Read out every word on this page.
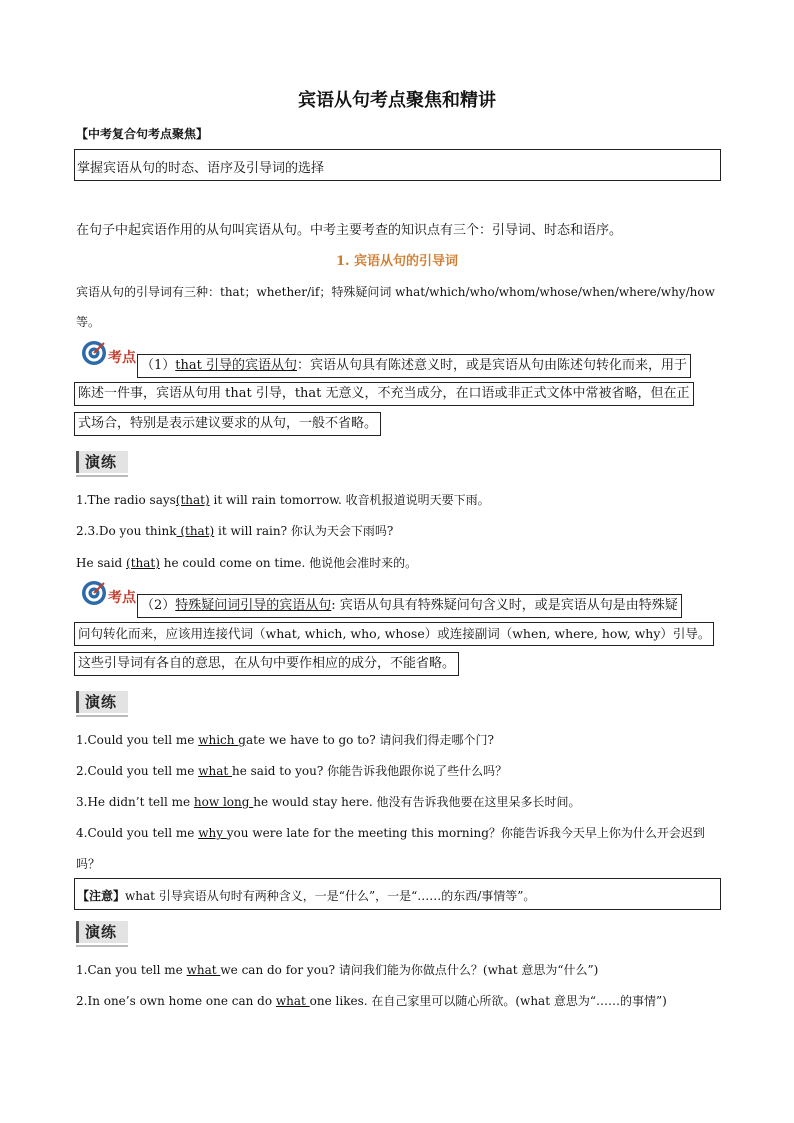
宾语从句考点聚焦和精讲
【中考复合句考点聚焦】
掌握宾语从句的时态、语序及引导词的选择
在句子中起宾语作用的从句叫宾语从句。中考主要考查的知识点有三个：引导词、时态和语序。
1. 宾语从句的引导词
宾语从句的引导词有三种：that；whether/if；特殊疑问词 what/which/who/whom/whose/when/where/why/how
等。
考点 （1）that 引导的宾语从句：宾语从句具有陈述意义时，或是宾语从句由陈述句转化而来，用于
陈述一件事，宾语从句用 that 引导，that 无意义，不充当成分，在口语或非正式文体中常被省略，但在正
式场合，特别是表示建议要求的从句，一般不省略。
演练
1.The radio says(that) it will rain tomorrow. 收音机报道说明天要下雨。
2.3.Do you think (that) it will rain? 你认为天会下雨吗?
He said (that) he could come on time. 他说他会准时来的。
考点 （2）特殊疑问词引导的宾语从句: 宾语从句具有特殊疑问句含义时，或是宾语从句是由特殊疑
问句转化而来，应该用连接代词（what, which, who, whose）或连接副词（when, where, how, why）引导。
这些引导词有各自的意思，在从句中要作相应的成分，不能省略。
演练
1.Could you tell me which gate we have to go to? 请问我们得走哪个门?
2.Could you tell me what he said to you? 你能告诉我他跟你说了些什么吗？
3.He didn’t tell me how long he would stay here. 他没有告诉我他要在这里呆多长时间。
4.Could you tell me why you were late for the meeting this morning？你能告诉我今天早上你为什么开会迟到
吗？
【注意】what 引导宾语从句时有两种含义，一是“什么”，一是“……的东西/事情等”。
演练
1.Can you tell me what we can do for you? 请问我们能为你做点什么？(what 意思为“什么”)
2.In one’s own home one can do what one likes. 在自己家里可以随心所欲。(what 意思为“……的事情”)
